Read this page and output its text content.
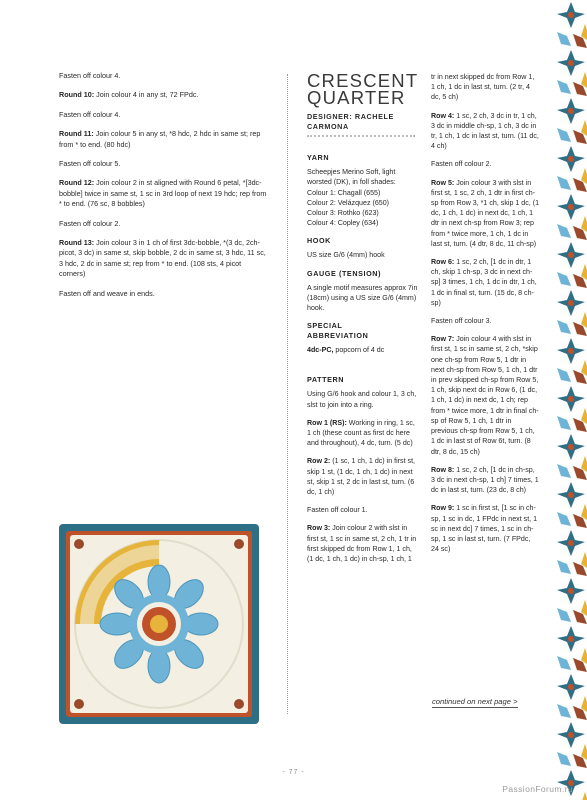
Fasten off colour 4.

Round 10: Join colour 4 in any st, 72 FPdc.

Fasten off colour 4.

Round 11: Join colour 5 in any st, *8 hdc, 2 hdc in same st; rep from * to end. (80 hdc)

Fasten off colour 5.

Round 12: Join colour 2 in st aligned with Round 6 petal, *[3dc-bobble] twice in same st, 1 sc in 3rd loop of next 19 hdc; rep from * to end. (76 sc, 8 bobbles)

Fasten off colour 2.

Round 13: Join colour 3 in 1 ch of first 3dc-bobble, *(3 dc, 2ch-picot, 3 dc) in same st, skip bobble, 2 dc in same st, 3 hdc, 11 sc, 3 hdc, 2 dc in same st; rep from * to end. (108 sts, 4 picot corners)

Fasten off and weave in ends.

CRESCENT
QUARTER
DESIGNER: RACHELE
CARMONA
YARN

Scheepjes Merino Soft, light worsted (DK), in foll shades:
Colour 1: Chagall (655)
Colour 2: Velázquez (650)
Colour 3: Rothko (623)
Colour 4: Copley (634)

HOOK

US size G/6 (4mm) hook

GAUGE (TENSION)

A single motif measures approx 7in (18cm) using a US size G/6 (4mm) hook.

SPECIAL
ABBREVIATION

4dc-PC, popcorn of 4 dc

PATTERN

Using G/6 hook and colour 1, 3 ch, slst to join into a ring.

Row 1 (RS): Working in ring, 1 sc, 1 ch (these count as first dc here and throughout), 4 dc, turn. (5 dc)

Row 2: (1 sc, 1 ch, 1 dc) in first st, skip 1 st, (1 dc, 1 ch, 1 dc) in next st, skip 1 st, 2 dc in last st, turn. (6 dc, 1 ch)

Fasten off colour 1.

Row 3: Join colour 2 with slst in first st, 1 sc in same st, 2 ch, 1 tr in first skipped dc from Row 1, 1 ch, (1 dc, 1 ch, 1 dc) in ch-sp, 1 ch, 1

tr in next skipped dc from Row 1, 1 ch, 1 dc in last st, turn. (2 tr, 4 dc, 5 ch)

Row 4: 1 sc, 2 ch, 3 dc in tr, 1 ch, 3 dc in middle ch-sp, 1 ch, 3 dc in tr, 1 ch, 1 dc in last st, turn. (11 dc, 4 ch)

Fasten off colour 2.

Row 5: Join colour 3 with slst in first st, 1 sc, 2 ch, 1 dtr in first ch-sp from Row 3, *1 ch, skip 1 dc, (1 dc, 1 ch, 1 dc) in next dc, 1 ch, 1 dtr in next ch-sp from Row 3; rep from * twice more, 1 ch, 1 dc in last st, turn. (4 dtr, 8 dc, 11 ch-sp)

Row 6: 1 sc, 2 ch, [1 dc in dtr, 1 ch, skip 1 ch-sp, 3 dc in next ch-sp] 3 times, 1 ch, 1 dc in dtr, 1 ch, 1 dc in final st, turn. (15 dc, 8 ch-sp)

Fasten off colour 3.

Row 7: Join colour 4 with slst in first st, 1 sc in same st, 2 ch, *skip one ch-sp from Row 5, 1 dtr in next ch-sp from Row 5, 1 ch, 1 dtr in prev skipped ch-sp from Row 5, 1 ch, skip next dc in Row 6, (1 dc, 1 ch, 1 dc) in next dc, 1 ch; rep from * twice more, 1 dtr in final ch-sp of Row 5, 1 ch, 1 dtr in previous ch-sp from Row 5, 1 ch, 1 dc in last st of Row 6t, turn. (8 dtr, 8 dc, 15 ch)

Row 8: 1 sc, 2 ch, [1 dc in ch-sp, 3 dc in next ch-sp, 1 ch] 7 times, 1 dc in last st, turn. (23 dc, 8 ch)

Row 9: 1 sc in first st, [1 sc in ch-sp, 1 sc in dc, 1 FPdc in next st, 1 sc in next dc] 7 times, 1 sc in ch-sp, 1 sc in last st, turn. (7 FPdc, 24 sc)

continued on next page >
- 77 -
PassionForum.ru
